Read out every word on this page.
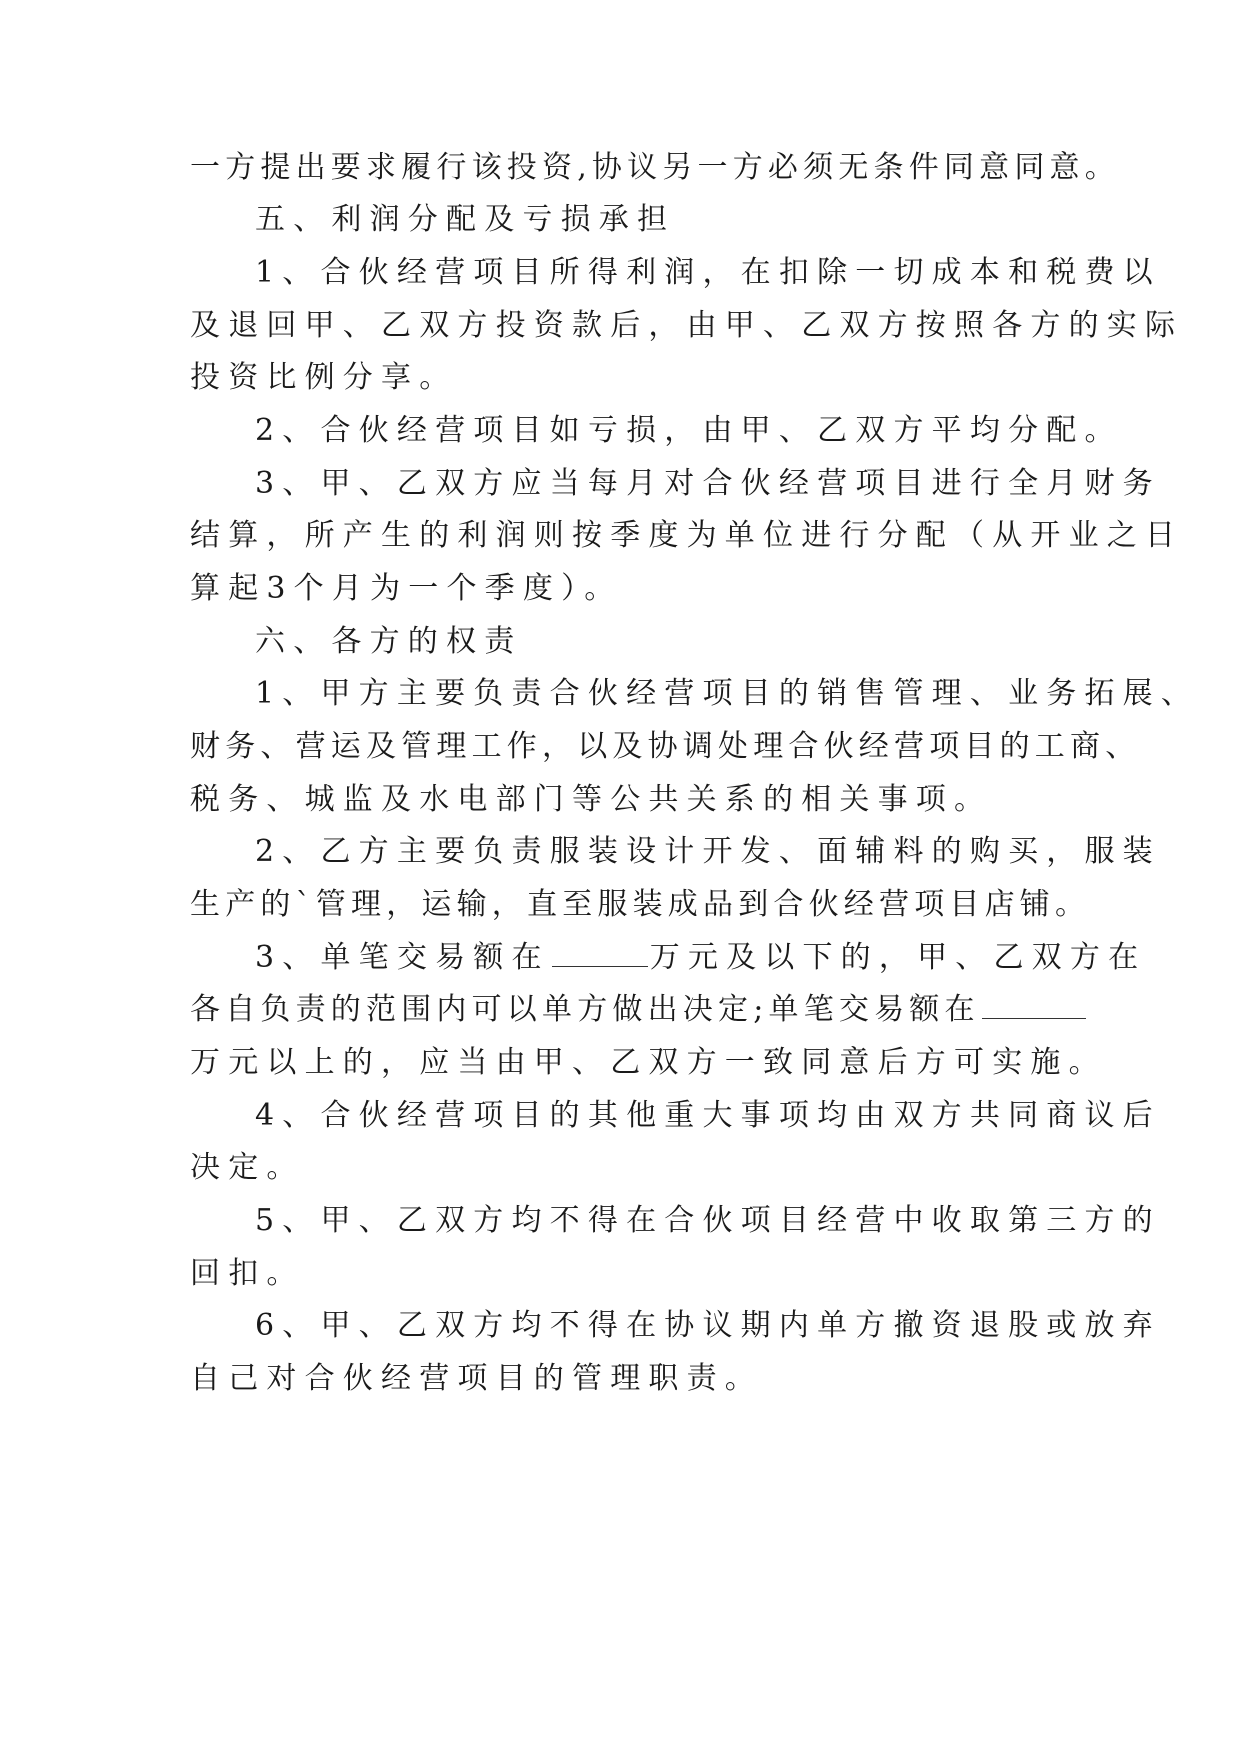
一方提出要求履行该投资,协议另一方必须无条件同意同意。
五、利润分配及亏损承担
1、合伙经营项目所得利润，在扣除一切成本和税费以
及退回甲、乙双方投资款后，由甲、乙双方按照各方的实际
投资比例分享。
2、合伙经营项目如亏损，由甲、乙双方平均分配。
3、甲、乙双方应当每月对合伙经营项目进行全月财务
结算，所产生的利润则按季度为单位进行分配（从开业之日
算起3个月为一个季度）。
六、各方的权责
1、甲方主要负责合伙经营项目的销售管理、业务拓展、
财务、营运及管理工作，以及协调处理合伙经营项目的工商、
税务、城监及水电部门等公共关系的相关事项。
2、乙方主要负责服装设计开发、面辅料的购买，服装
生产的`管理，运输，直至服装成品到合伙经营项目店铺。
3、单笔交易额在	万元及以下的，甲、乙双方在
各自负责的范围内可以单方做出决定;单笔交易额在
万元以上的，应当由甲、乙双方一致同意后方可实施。
4、合伙经营项目的其他重大事项均由双方共同商议后
决定。
5、甲、乙双方均不得在合伙项目经营中收取第三方的
回扣。
6、甲、乙双方均不得在协议期内单方撤资退股或放弃
自己对合伙经营项目的管理职责。
